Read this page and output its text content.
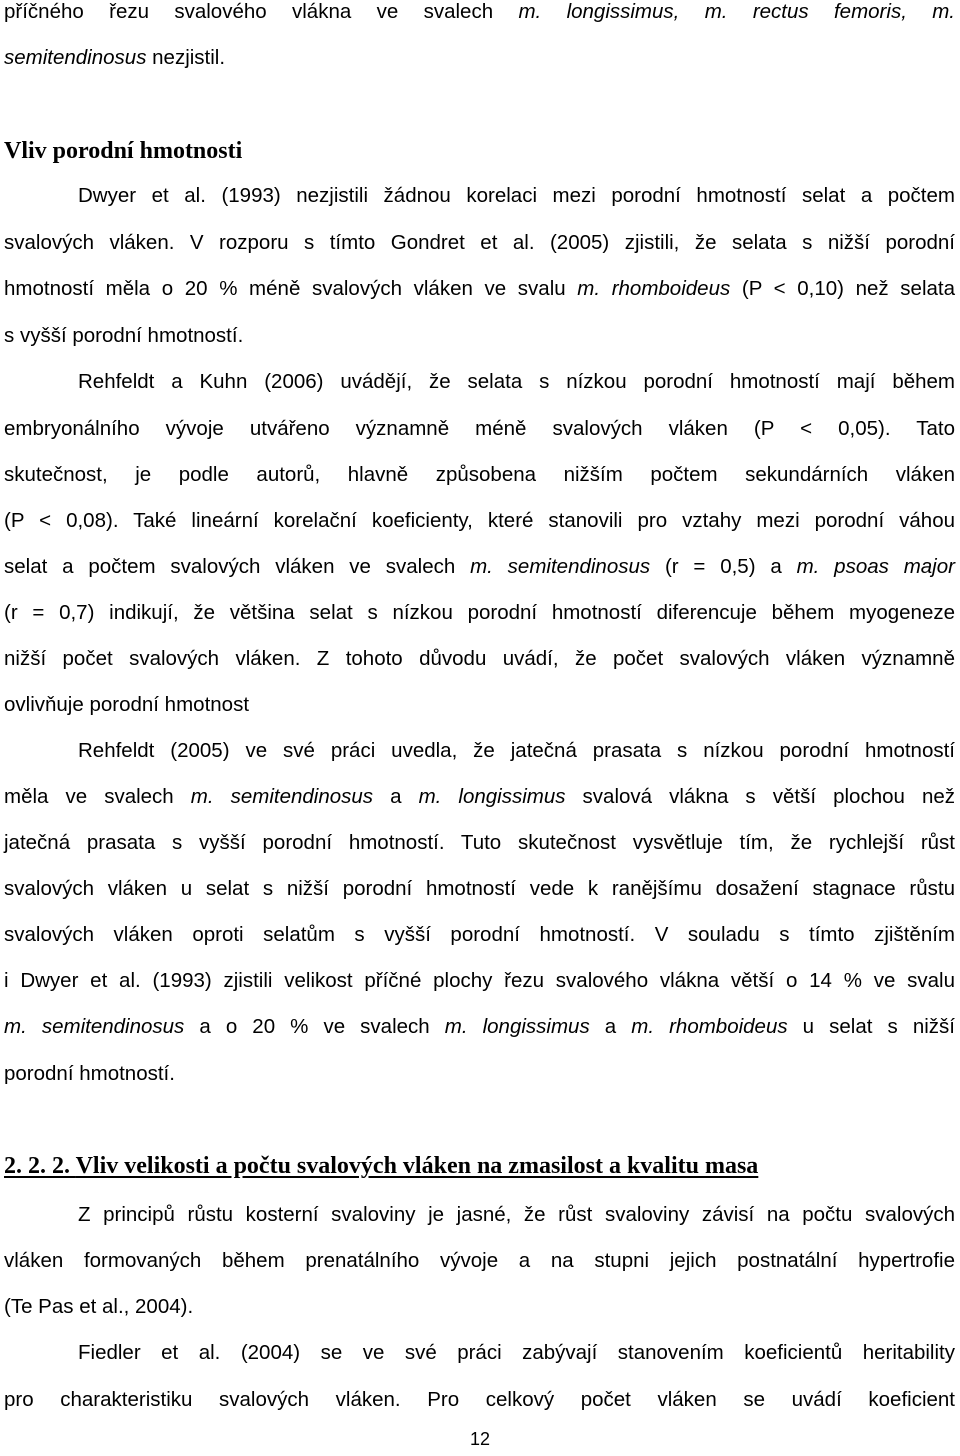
příčného řezu svalového vlákna ve svalech m. longissimus, m. rectus femoris, m.
semitendinosus nezjistil.
Vliv porodní hmotnosti
Dwyer et al. (1993) nezjistili žádnou korelaci mezi porodní hmotností selat a počtem
svalových vláken. V rozporu s tímto Gondret et al. (2005) zjistili, že selata s nižší porodní
hmotností měla o 20 % méně svalových vláken ve svalu m. rhomboideus (P < 0,10) než selata
s vyšší porodní hmotností.
Rehfeldt a Kuhn (2006) uvádějí, že selata s nízkou porodní hmotností mají během
embryonálního vývoje utvářeno významně méně svalových vláken (P < 0,05). Tato
skutečnost, je podle autorů, hlavně způsobena nižším počtem sekundárních vláken
(P < 0,08). Také lineární korelační koeficienty, které stanovili pro vztahy mezi porodní váhou
selat a počtem svalových vláken ve svalech m. semitendinosus (r = 0,5) a m. psoas major
(r = 0,7) indikují, že většina selat s nízkou porodní hmotností diferencuje během myogeneze
nižší počet svalových vláken. Z tohoto důvodu uvádí, že počet svalových vláken významně
ovlivňuje porodní hmotnost
Rehfeldt (2005) ve své práci uvedla, že jatečná prasata s nízkou porodní hmotností
měla ve svalech m. semitendinosus a m. longissimus svalová vlákna s větší plochou než
jatečná prasata s vyšší porodní hmotností. Tuto skutečnost vysvětluje tím, že rychlejší růst
svalových vláken u selat s nižší porodní hmotností vede k ranějšímu dosažení stagnace růstu
svalových vláken oproti selatům s vyšší porodní hmotností. V souladu s tímto zjištěním
i Dwyer et al. (1993) zjistili velikost příčné plochy řezu svalového vlákna větší o 14 % ve svalu
m. semitendinosus a o 20 % ve svalech m. longissimus a m. rhomboideus u selat s nižší
porodní hmotností.
2. 2. 2. Vliv velikosti a počtu svalových vláken na zmasilost a kvalitu masa
Z principů růstu kosterní svaloviny je jasné, že růst svaloviny závisí na počtu svalových
vláken formovaných během prenatálního vývoje a na stupni jejich postnatální hypertrofie
(Te Pas et al., 2004).
Fiedler et al. (2004) se ve své práci zabývají stanovením koeficientů heritability
pro charakteristiku svalových vláken. Pro celkový počet vláken se uvádí koeficient
12
